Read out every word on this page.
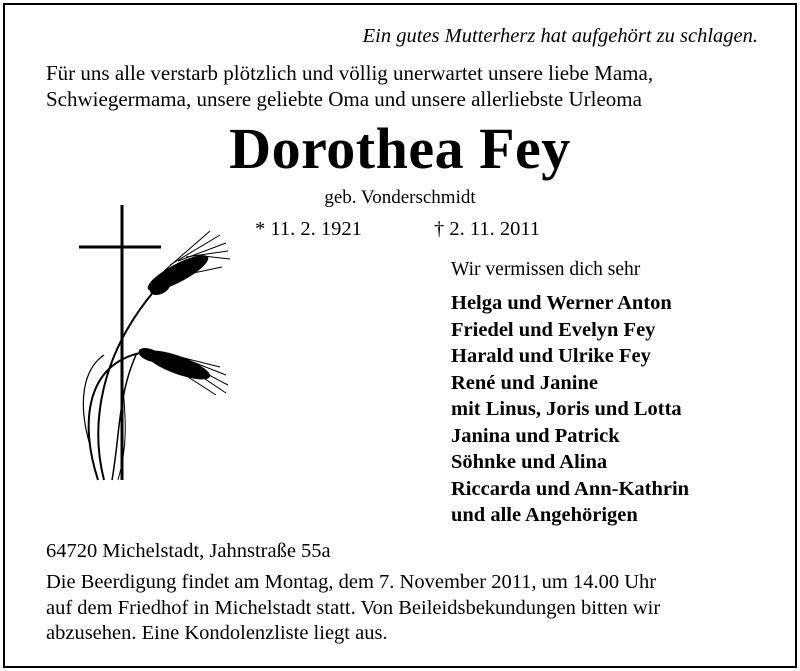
Ein gutes Mutterherz hat aufgehört zu schlagen.
Für uns alle verstarb plötzlich und völlig unerwartet unsere liebe Mama,
Schwiegermama, unsere geliebte Oma und unsere allerliebste Urleoma
Dorothea Fey
geb. Vonderschmidt
* 11. 2. 1921	† 2. 11. 2011
Wir vermissen dich sehr
Helga und Werner Anton
Friedel und Evelyn Fey
Harald und Ulrike Fey
René und Janine
mit Linus, Joris und Lotta
Janina und Patrick
Söhnke und Alina
Riccarda und Ann-Kathrin
und alle Angehörigen
64720 Michelstadt, Jahnstraße 55a
Die Beerdigung findet am Montag, dem 7. November 2011, um 14.00 Uhr
auf dem Friedhof in Michelstadt statt. Von Beileidsbekundungen bitten wir
abzusehen. Eine Kondolenzliste liegt aus.
